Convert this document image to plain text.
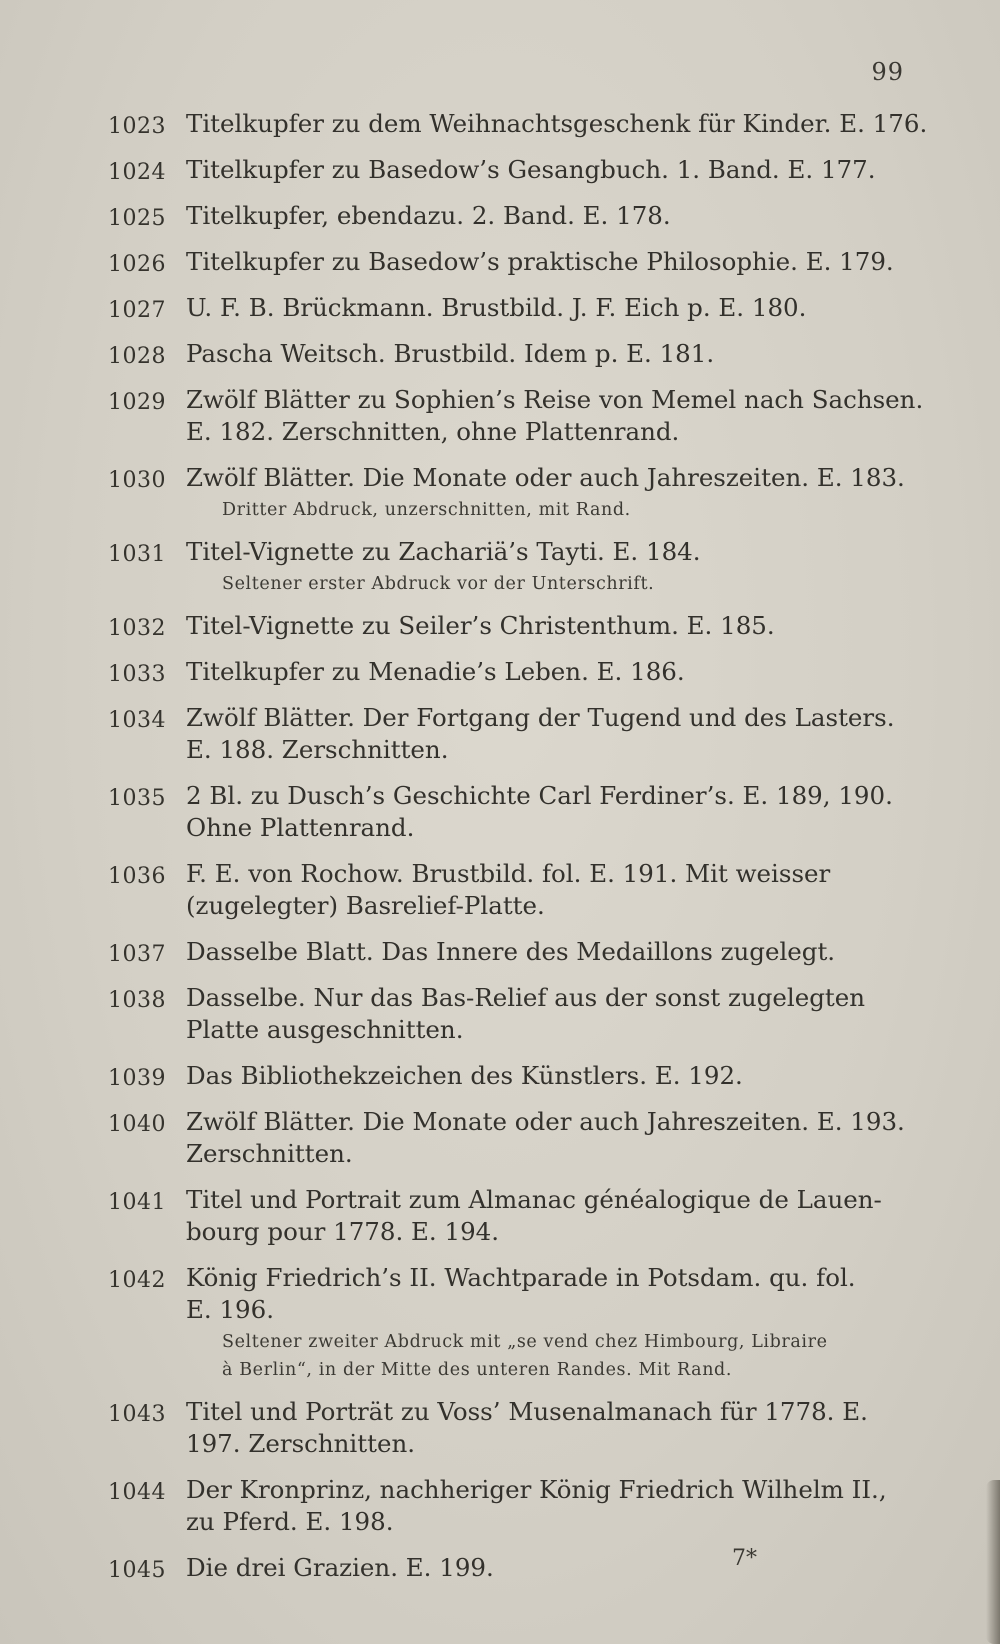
99
1023 Titelkupfer zu dem Weihnachtsgeschenk für Kinder. E. 176.
1024 Titelkupfer zu Basedow’s Gesangbuch. 1. Band. E. 177.
1025 Titelkupfer, ebendazu. 2. Band. E. 178.
1026 Titelkupfer zu Basedow’s praktische Philosophie. E. 179.
1027 U. F. B. Brückmann. Brustbild. J. F. Eich p. E. 180.
1028 Pascha Weitsch. Brustbild. Idem p. E. 181.
1029 Zwölf Blätter zu Sophien’s Reise von Memel nach Sachsen.
E. 182. Zerschnitten, ohne Plattenrand.
1030 Zwölf Blätter. Die Monate oder auch Jahreszeiten. E. 183.
Dritter Abdruck, unzerschnitten, mit Rand.
1031 Titel-Vignette zu Zachariä’s Tayti. E. 184.
Seltener erster Abdruck vor der Unterschrift.
1032 Titel-Vignette zu Seiler’s Christenthum. E. 185.
1033 Titelkupfer zu Menadie’s Leben. E. 186.
1034 Zwölf Blätter. Der Fortgang der Tugend und des Lasters.
E. 188. Zerschnitten.
1035 2 Bl. zu Dusch’s Geschichte Carl Ferdiner’s. E. 189, 190.
Ohne Plattenrand.
1036 F. E. von Rochow. Brustbild. fol. E. 191. Mit weisser
(zugelegter) Basrelief-Platte.
1037 Dasselbe Blatt. Das Innere des Medaillons zugelegt.
1038 Dasselbe. Nur das Bas-Relief aus der sonst zugelegten
Platte ausgeschnitten.
1039 Das Bibliothekzeichen des Künstlers. E. 192.
1040 Zwölf Blätter. Die Monate oder auch Jahreszeiten. E. 193.
Zerschnitten.
1041 Titel und Portrait zum Almanac généalogique de Lauen-
bourg pour 1778. E. 194.
1042 König Friedrich’s II. Wachtparade in Potsdam. qu. fol.
E. 196.
Seltener zweiter Abdruck mit „se vend chez Himbourg, Libraire
à Berlin“, in der Mitte des unteren Randes. Mit Rand.
1043 Titel und Porträt zu Voss’ Musenalmanach für 1778. E.
197. Zerschnitten.
1044 Der Kronprinz, nachheriger König Friedrich Wilhelm II.,
zu Pferd. E. 198.
1045 Die drei Grazien. E. 199.	7*
